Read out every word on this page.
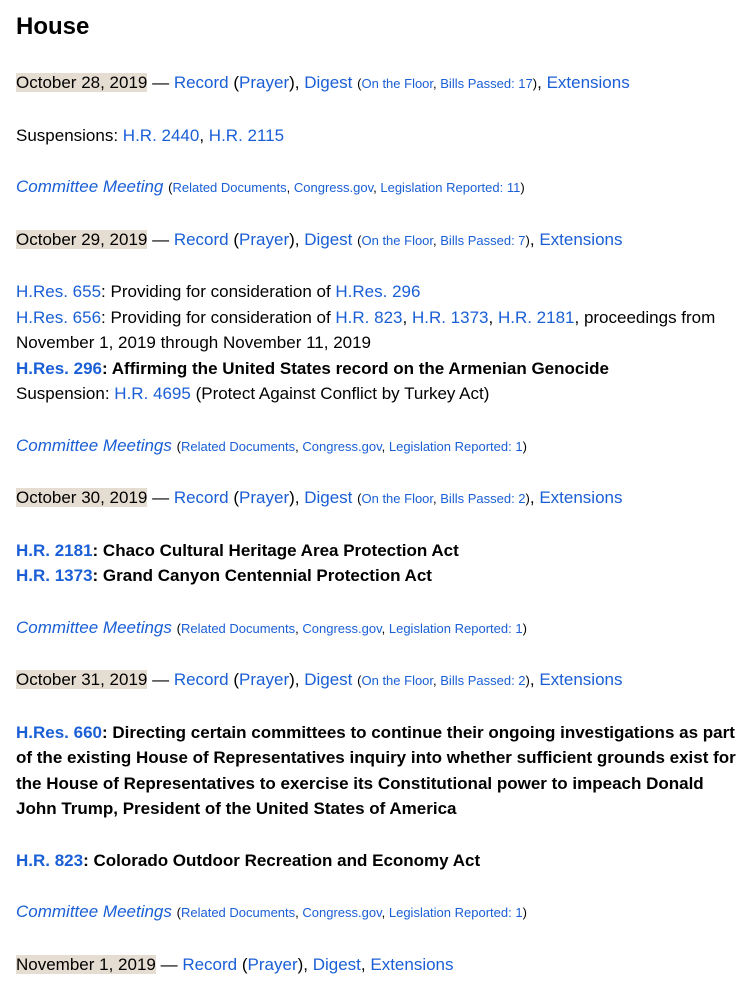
House

October 28, 2019 — Record (Prayer), Digest (On the Floor, Bills Passed: 17), Extensions

Suspensions: H.R. 2440, H.R. 2115

Committee Meeting (Related Documents, Congress.gov, Legislation Reported: 11)

October 29, 2019 — Record (Prayer), Digest (On the Floor, Bills Passed: 7), Extensions

H.Res. 655: Providing for consideration of H.Res. 296

H.Res. 656: Providing for consideration of H.R. 823, H.R. 1373, H.R. 2181, proceedings from November 1, 2019 through November 11, 2019

H.Res. 296: Affirming the United States record on the Armenian Genocide

Suspension: H.R. 4695 (Protect Against Conflict by Turkey Act)

Committee Meetings (Related Documents, Congress.gov, Legislation Reported: 1)

October 30, 2019 — Record (Prayer), Digest (On the Floor, Bills Passed: 2), Extensions

H.R. 2181: Chaco Cultural Heritage Area Protection Act

H.R. 1373: Grand Canyon Centennial Protection Act

Committee Meetings (Related Documents, Congress.gov, Legislation Reported: 1)

October 31, 2019 — Record (Prayer), Digest (On the Floor, Bills Passed: 2), Extensions

H.Res. 660: Directing certain committees to continue their ongoing investigations as part of the existing House of Representatives inquiry into whether sufficient grounds exist for the House of Representatives to exercise its Constitutional power to impeach Donald John Trump, President of the United States of America

H.R. 823: Colorado Outdoor Recreation and Economy Act

Committee Meetings (Related Documents, Congress.gov, Legislation Reported: 1)

November 1, 2019 — Record (Prayer), Digest, Extensions
